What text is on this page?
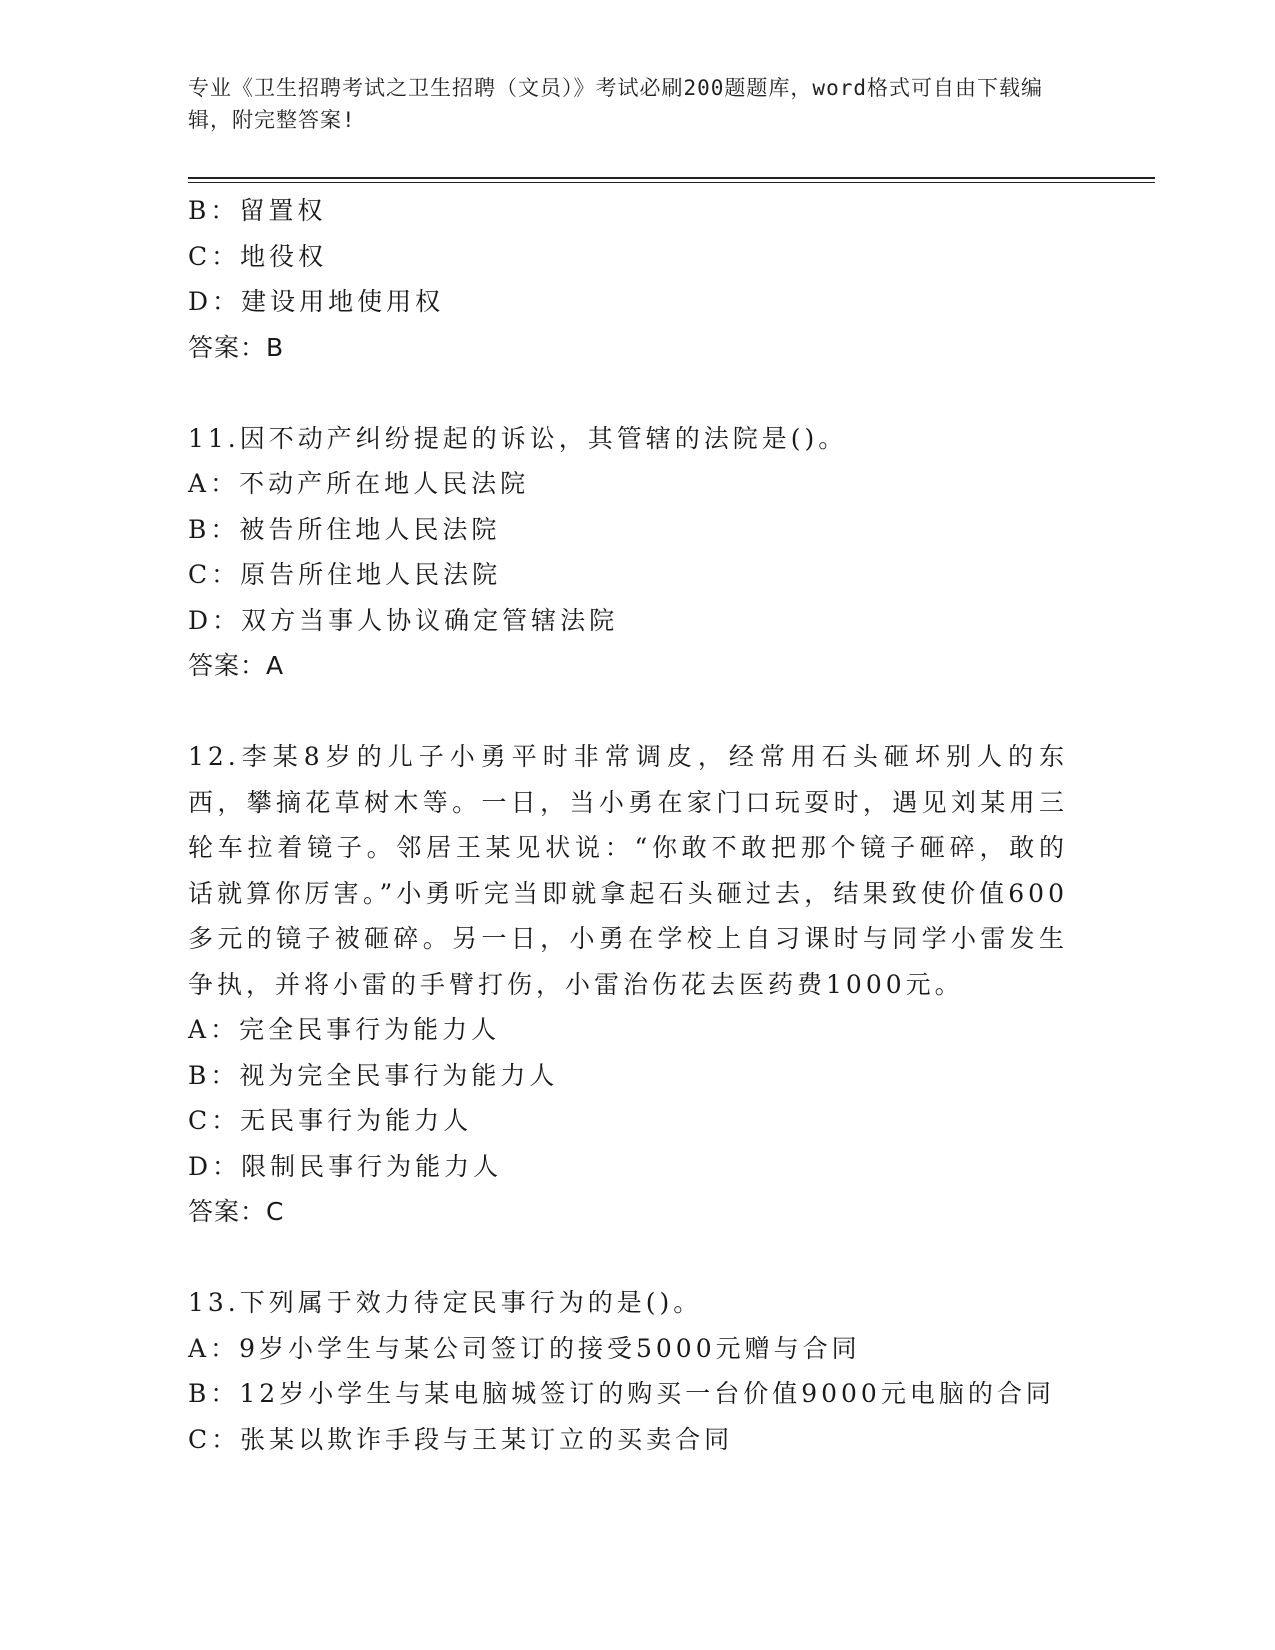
专业《卫生招聘考试之卫生招聘（文员）》考试必刷200题题库，word格式可自由下载编辑，附完整答案!
B：留置权
C：地役权
D：建设用地使用权
答案：B
11.因不动产纠纷提起的诉讼，其管辖的法院是()。
A：不动产所在地人民法院
B：被告所住地人民法院
C：原告所住地人民法院
D：双方当事人协议确定管辖法院
答案：A
12.李某8岁的儿子小勇平时非常调皮，经常用石头砸坏别人的东西，攀摘花草树木等。一日，当小勇在家门口玩耍时，遇见刘某用三轮车拉着镜子。邻居王某见状说：“你敢不敢把那个镜子砸碎，敢的话就算你厉害。”小勇听完当即就拿起石头砸过去，结果致使价值600多元的镜子被砸碎。另一日，小勇在学校上自习课时与同学小雷发生争执，并将小雷的手臂打伤，小雷治伤花去医药费1000元。
A：完全民事行为能力人
B：视为完全民事行为能力人
C：无民事行为能力人
D：限制民事行为能力人
答案：C
13.下列属于效力待定民事行为的是()。
A：9岁小学生与某公司签订的接受5000元赠与合同
B：12岁小学生与某电脑城签订的购买一台价值9000元电脑的合同
C：张某以欺诈手段与王某订立的买卖合同
